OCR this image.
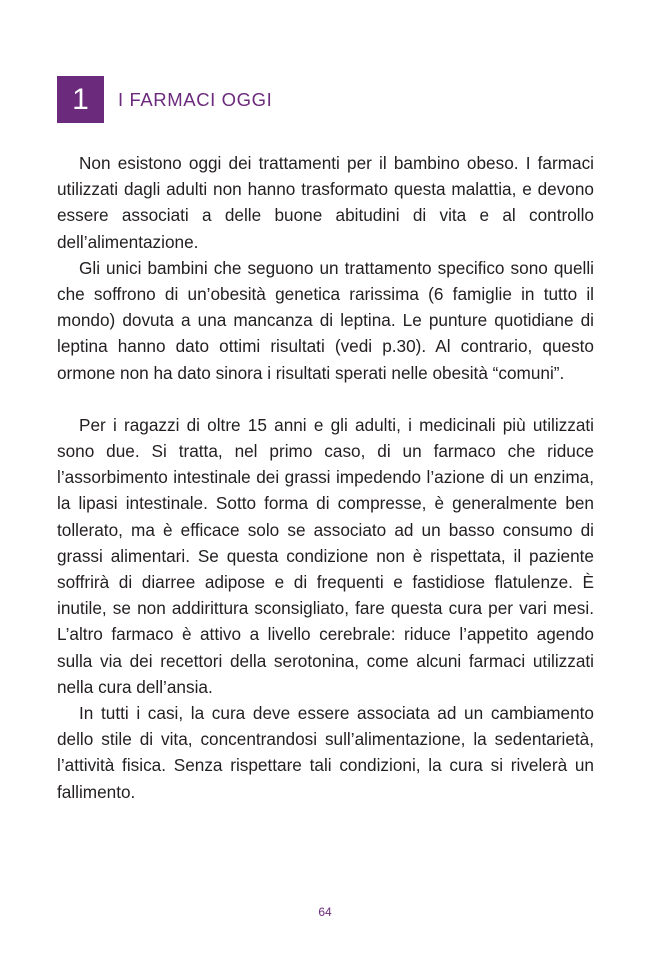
1	I FARMACI OGGI

Non esistono oggi dei trattamenti per il bambino obeso. I farmaci utilizzati dagli adulti non hanno trasformato questa malattia, e devono essere associati a delle buone abitudini di vita e al controllo dell’alimentazione.

Gli unici bambini che seguono un trattamento specifico sono quelli che soffrono di un’obesità genetica rarissima (6 famiglie in tutto il mondo) dovuta a una mancanza di leptina. Le punture quotidiane di leptina hanno dato ottimi risultati (vedi p.30). Al contrario, questo ormone non ha dato sinora i risultati sperati nelle obesità “comuni”.

Per i ragazzi di oltre 15 anni e gli adulti, i medicinali più utilizzati sono due. Si tratta, nel primo caso, di un farmaco che riduce l’assorbimento intestinale dei grassi impedendo l’azione di un enzima, la lipasi intestinale. Sotto forma di compresse, è generalmente ben tollerato, ma è efficace solo se associato ad un basso consumo di grassi alimentari. Se questa condizione non è rispettata, il paziente soffrirà di diarree adipose e di frequenti e fastidiose flatulenze. È inutile, se non addirittura sconsigliato, fare questa cura per vari mesi. L’altro farmaco è attivo a livello cerebrale: riduce l’appetito agendo sulla via dei recettori della serotonina, come alcuni farmaci utilizzati nella cura dell’ansia.

In tutti i casi, la cura deve essere associata ad un cambiamento dello stile di vita, concentrandosi sull’alimentazione, la sedentarietà, l’attività fisica. Senza rispettare tali condizioni, la cura si rivelerà un fallimento.

64
